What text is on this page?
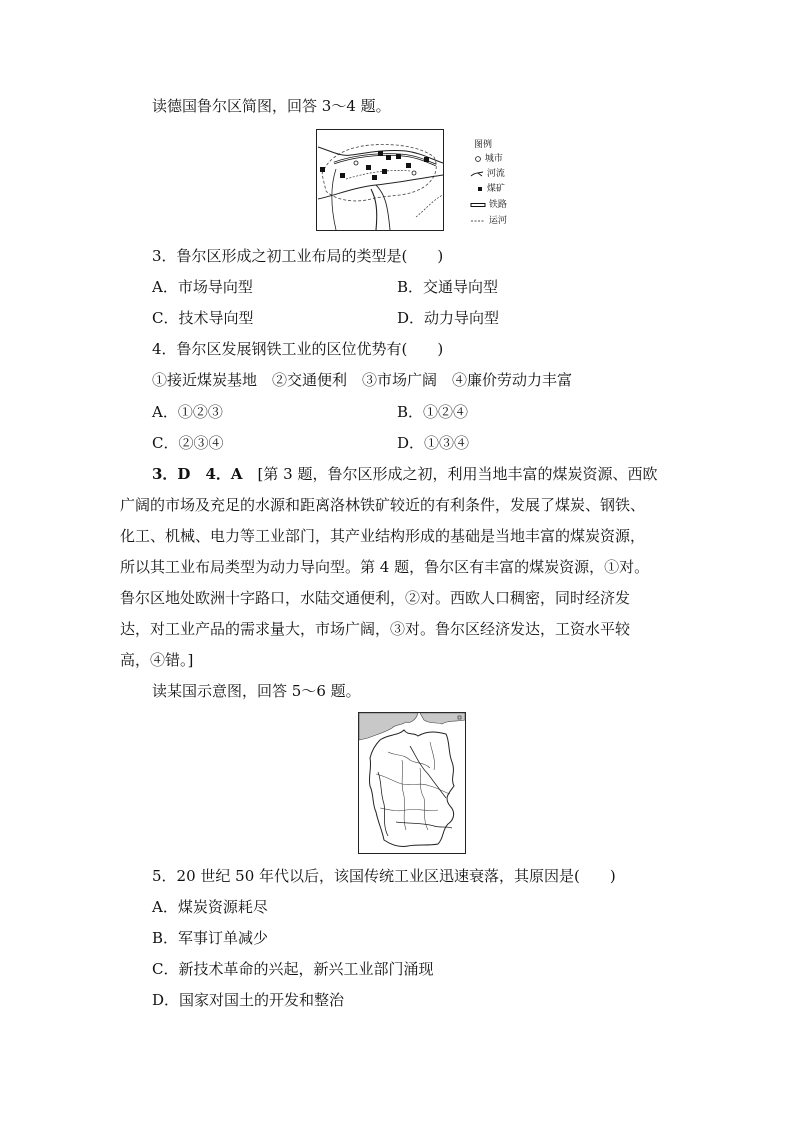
读德国鲁尔区简图，回答 3～4 题。
图例
城市
河流
煤矿
铁路
运河
3．鲁尔区形成之初工业布局的类型是(　　)
A．市场导向型	B．交通导向型
C．技术导向型	D．动力导向型
4．鲁尔区发展钢铁工业的区位优势有(　　)
①接近煤炭基地　②交通便利　③市场广阔　④廉价劳动力丰富
A．①②③	B．①②④
C．②③④	D．①③④
3．D　4．A　 [第 3 题，鲁尔区形成之初，利用当地丰富的煤炭资源、西欧
广阔的市场及充足的水源和距离洛林铁矿较近的有利条件，发展了煤炭、钢铁、
化工、机械、电力等工业部门，其产业结构形成的基础是当地丰富的煤炭资源，
所以其工业布局类型为动力导向型。第 4 题，鲁尔区有丰富的煤炭资源，①对。
鲁尔区地处欧洲十字路口，水陆交通便利，②对。西欧人口稠密，同时经济发
达，对工业产品的需求量大，市场广阔，③对。鲁尔区经济发达，工资水平较
高，④错。]
读某国示意图，回答 5～6 题。
5．20 世纪 50 年代以后，该国传统工业区迅速衰落，其原因是(　　)
A．煤炭资源耗尽
B．军事订单减少
C．新技术革命的兴起，新兴工业部门涌现
D．国家对国土的开发和整治
